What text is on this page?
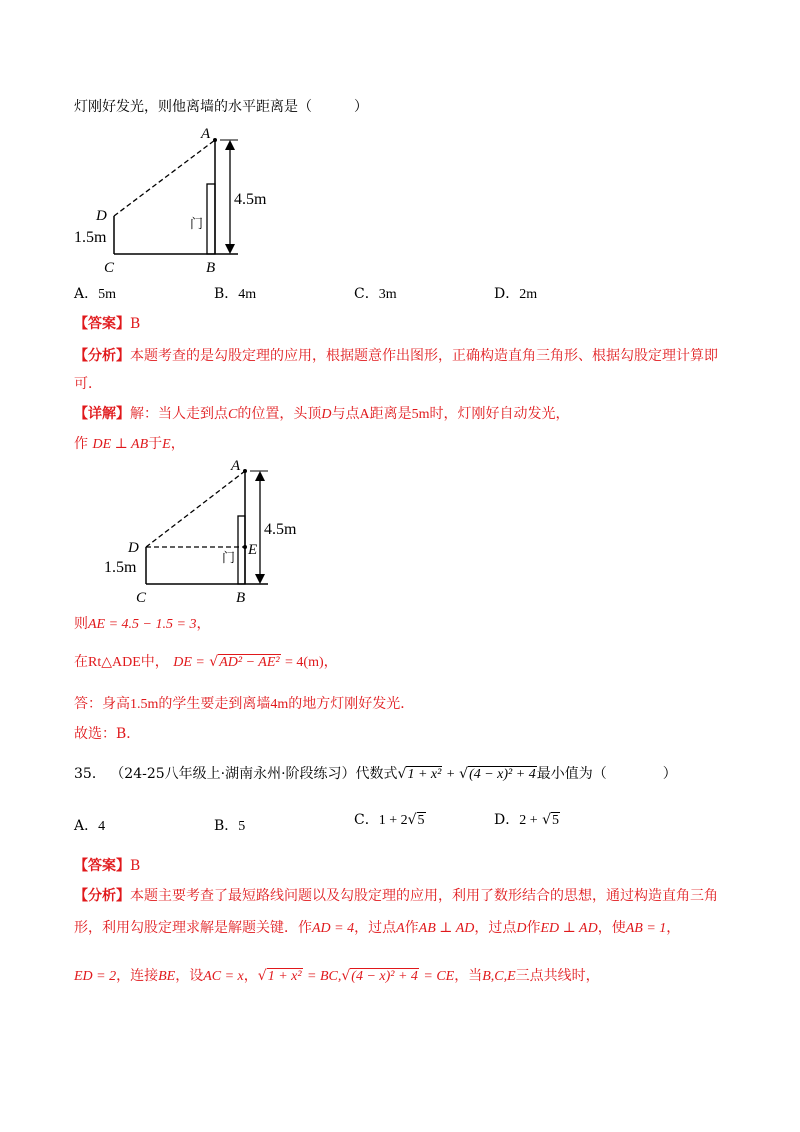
灯刚好发光，则他离墙的水平距离是（　　　）
A
D
C	B
门
4.5m
1.5m
A．5m	B．4m	C．3m	D．2m
【答案】B
【分析】本题考查的是勾股定理的应用，根据题意作出图形，正确构造直角三角形、根据勾股定理计算即
可．
【详解】解：当人走到点C的位置，头顶D与点A距离是5m时，灯刚好自动发光，
作 DE ⊥ AB于E，
A
D	E
C	B
门
4.5m
1.5m
则AE = 4.5 − 1.5 = 3，
在Rt△ADE中， DE = √AD² − AE² = 4(m)，
答：身高1.5m的学生要走到离墙4m的地方灯刚好发光．
故选：B．
35． （24-25八年级上·湖南永州·阶段练习）代数式√1 + x² + √(4 − x)² + 4最小值为（　　　　）
A．4	B．5	C．1 + 2√5	D．2 + √5
【答案】B
【分析】本题主要考查了最短路线问题以及勾股定理的应用，利用了数形结合的思想，通过构造直角三角
形，利用勾股定理求解是解题关键．作AD = 4，过点A作AB ⊥ AD，过点D作ED ⊥ AD，使AB = 1，
ED = 2，连接BE，设AC = x，√1 + x² = BC,√(4 − x)² + 4 = CE，当B,C,E三点共线时，
